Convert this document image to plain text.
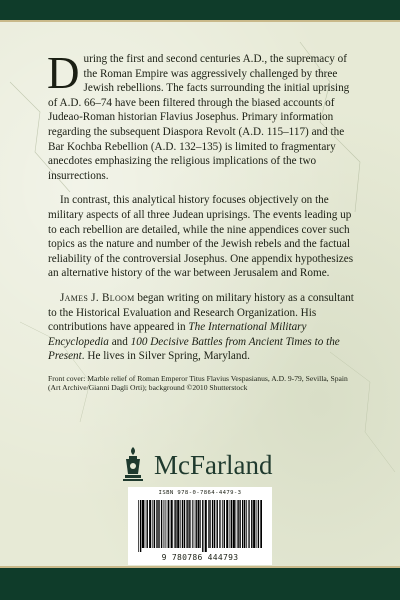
During the first and second centuries A.D., the supremacy of the Roman Empire was aggressively challenged by three Jewish rebellions. The facts surrounding the initial uprising of A.D. 66–74 have been filtered through the biased accounts of Judeao-Roman historian Flavius Josephus. Primary information regarding the subsequent Diaspora Revolt (A.D. 115–117) and the Bar Kochba Rebellion (A.D. 132–135) is limited to fragmentary anecdotes emphasizing the religious implications of the two insurrections.

In contrast, this analytical history focuses objectively on the military aspects of all three Judean uprisings. The events leading up to each rebellion are detailed, while the nine appendices cover such topics as the nature and number of the Jewish rebels and the factual reliability of the controversial Josephus. One appendix hypothesizes an alternative history of the war between Jerusalem and Rome.

James J. Bloom began writing on military history as a consultant to the Historical Evaluation and Research Organization. His contributions have appeared in The International Military Encyclopedia and 100 Decisive Battles from Ancient Times to the Present. He lives in Silver Spring, Maryland.

Front cover: Marble relief of Roman Emperor Titus Flavius Vespasianus, A.D. 9-79, Sevilla, Spain (Art Archive/Gianni Dagli Orti); background ©2010 Shutterstock

McFarland
ISBN 978-0-7864-4479-3
9 780786 444793
